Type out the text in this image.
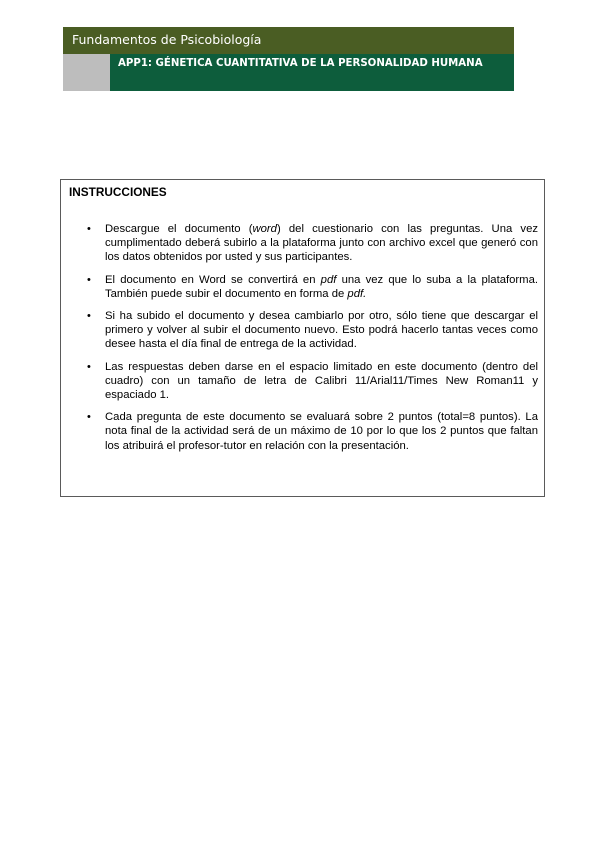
Fundamentos de Psicobiología
APP1: GÉNETICA CUANTITATIVA DE LA PERSONALIDAD HUMANA
INSTRUCCIONES
• Descargue el documento (word) del cuestionario con las preguntas. Una vez cumplimentado deberá subirlo a la plataforma junto con archivo excel que generó con los datos obtenidos por usted y sus participantes.
• El documento en Word se convertirá en pdf una vez que lo suba a la plataforma. También puede subir el documento en forma de pdf.
• Si ha subido el documento y desea cambiarlo por otro, sólo tiene que descargar el primero y volver al subir el documento nuevo. Esto podrá hacerlo tantas veces como desee hasta el día final de entrega de la actividad.
• Las respuestas deben darse en el espacio limitado en este documento (dentro del cuadro) con un tamaño de letra de Calibri 11/Arial11/Times New Roman11 y espaciado 1.
• Cada pregunta de este documento se evaluará sobre 2 puntos (total=8 puntos). La nota final de la actividad será de un máximo de 10 por lo que los 2 puntos que faltan los atribuirá el profesor-tutor en relación con la presentación.
